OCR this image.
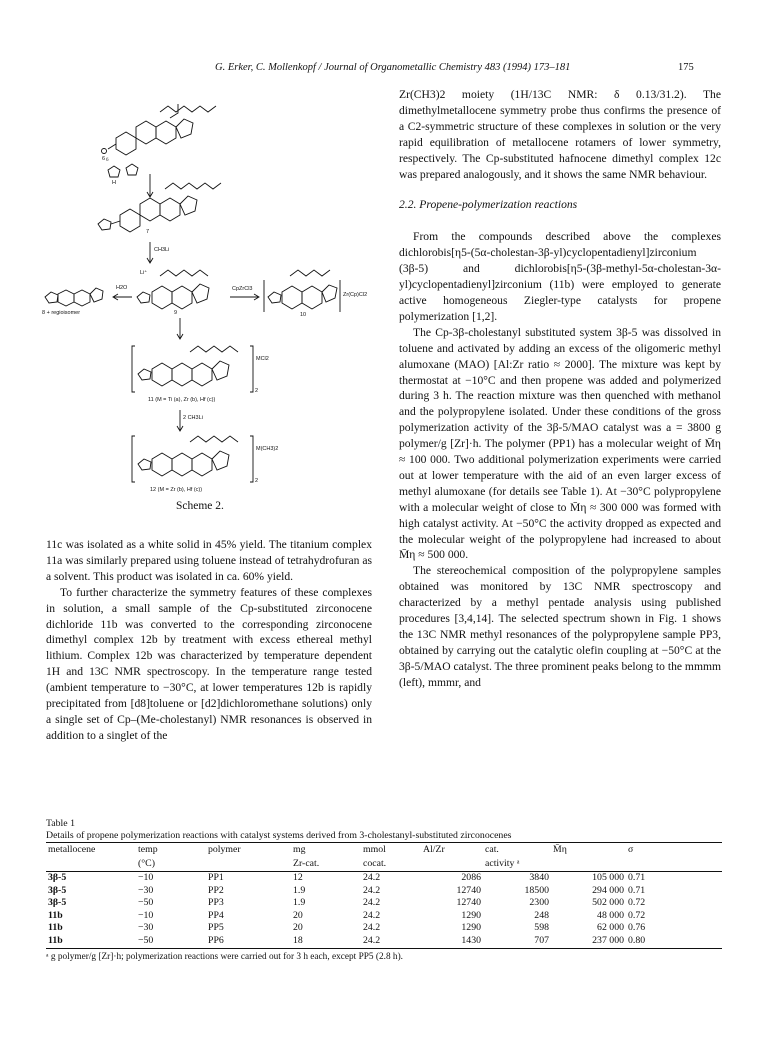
G. Erker, C. Mollenkopf / Journal of Organometallic Chemistry 483 (1994) 173–181	175
6
6
H
7
CH3Li
Li⁺
H2O
8 + regioisomer	9
CpZrCl3
Zr(Cp)Cl2
10
MCl2
2
11 (M = Ti (a), Zr (b), Hf (c))
2 CH3Li
M(CH3)2
2
12 (M = Zr (b), Hf (c))
Scheme 2.

Zr(CH3)2 moiety (1H/13C NMR: δ 0.13/31.2). The dimethylmetallocene symmetry probe thus confirms the presence of a C2-symmetric structure of these complexes in solution or the very rapid equilibration of metallocene rotamers of lower symmetry, respectively. The Cp-substituted hafnocene dimethyl complex 12c was prepared analogously, and it shows the same NMR behaviour.

2.2. Propene-polymerization reactions

From the compounds described above the complexes dichlorobis[η5-(5α-cholestan-3β-yl)cyclopentadienyl]zirconium (3β-5) and dichlorobis[η5-(3β-methyl-5α-cholestan-3α-yl)cyclopentadienyl]zirconium (11b) were employed to generate active homogeneous Ziegler-type catalysts for propene polymerization [1,2].

The Cp-3β-cholestanyl substituted system 3β-5 was dissolved in toluene and activated by adding an excess of the oligomeric methyl alumoxane (MAO) [Al:Zr ratio ≈ 2000]. The mixture was kept by thermostat at −10°C and then propene was added and polymerized during 3 h. The reaction mixture was then quenched with methanol and the polypropylene isolated. Under these conditions of the gross polymerization activity of the 3β-5/MAO catalyst was a = 3800 g polymer/g [Zr]·h. The polymer (PP1) has a molecular weight of M̄η ≈ 100 000. Two additional polymerization experiments were carried out at lower temperature with the aid of an even larger excess of methyl alumoxane (for details see Table 1). At −30°C polypropylene with a molecular weight of close to M̄η ≈ 300 000 was formed with high catalyst activity. At −50°C the activity dropped as expected and the molecular weight of the polypropylene had increased to about M̄η ≈ 500 000.

The stereochemical composition of the polypropylene samples obtained was monitored by 13C NMR spectroscopy and characterized by a methyl pentade analysis using published procedures [3,4,14]. The selected spectrum shown in Fig. 1 shows the 13C NMR methyl resonances of the polypropylene sample PP3, obtained by carrying out the catalytic olefin coupling at −50°C at the 3β-5/MAO catalyst. The three prominent peaks belong to the mmmm (left), mmmr, and

11c was isolated as a white solid in 45% yield. The titanium complex 11a was similarly prepared using toluene instead of tetrahydrofuran as a solvent. This product was isolated in ca. 60% yield.

To further characterize the symmetry features of these complexes in solution, a small sample of the Cp-substituted zirconocene dichloride 11b was converted to the corresponding zirconocene dimethyl complex 12b by treatment with excess ethereal methyl lithium. Complex 12b was characterized by temperature dependent 1H and 13C NMR spectroscopy. In the temperature range tested (ambient temperature to −30°C, at lower temperatures 12b is rapidly precipitated from [d8]toluene or [d2]dichloromethane solutions) only a single set of Cp–(Me-cholestanyl) NMR resonances is observed in addition to a singlet of the

Table 1
Details of propene polymerization reactions with catalyst systems derived from 3-cholestanyl-substituted zirconocenes
metallocene	temp	polymer	mg	mmol	Al/Zr	cat.	M̄η	σ
	(°C)		Zr-cat.	cocat.		activity ᵃ		
3β-5	−10	PP1	12	24.2	2086	3840	105 000	0.71
3β-5	−30	PP2	1.9	24.2	12740	18500	294 000	0.71
3β-5	−50	PP3	1.9	24.2	12740	2300	502 000	0.72
11b	−10	PP4	20	24.2	1290	248	48 000	0.72
11b	−30	PP5	20	24.2	1290	598	62 000	0.76
11b	−50	PP6	18	24.2	1430	707	237 000	0.80
ᵃ g polymer/g [Zr]·h; polymerization reactions were carried out for 3 h each, except PP5 (2.8 h).
